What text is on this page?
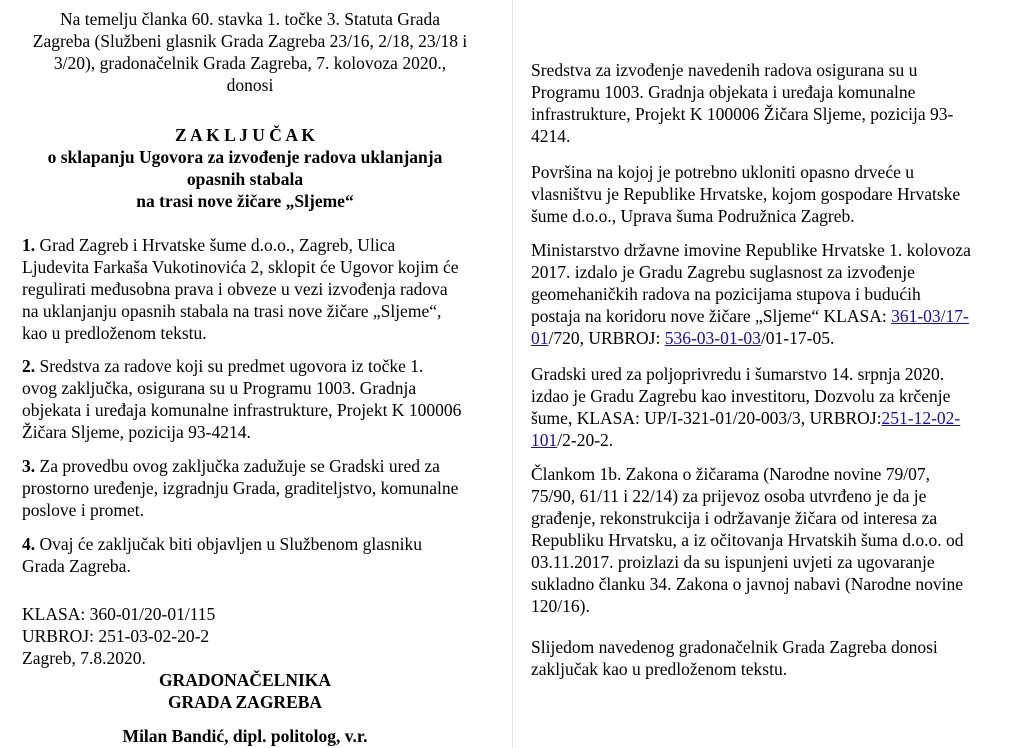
Na temelju članka 60. stavka 1. točke 3. Statuta Grada
Zagreba (Službeni glasnik Grada Zagreba 23/16, 2/18, 23/18 i
3/20), gradonačelnik Grada Zagreba, 7. kolovoza 2020.,
donosi
Z A K L J U Č A K
o sklapanju Ugovora za izvođenje radova uklanjanja
opasnih stabala
na trasi nove žičare „Sljeme“
1. Grad Zagreb i Hrvatske šume d.o.o., Zagreb, Ulica
Ljudevita Farkaša Vukotinovića 2, sklopit će Ugovor kojim će
regulirati međusobna prava i obveze u vezi izvođenja radova
na uklanjanju opasnih stabala na trasi nove žičare „Sljeme“,
kao u predloženom tekstu.
2. Sredstva za radove koji su predmet ugovora iz točke 1.
ovog zaključka, osigurana su u Programu 1003. Gradnja
objekata i uređaja komunalne infrastrukture, Projekt K 100006
Žičara Sljeme, pozicija 93-4214.
3. Za provedbu ovog zaključka zadužuje se Gradski ured za
prostorno uređenje, izgradnju Grada, graditeljstvo, komunalne
poslove i promet.
4. Ovaj će zaključak biti objavljen u Službenom glasniku
Grada Zagreba.
KLASA: 360-01/20-01/115
URBROJ: 251-03-02-20-2
Zagreb, 7.8.2020.
GRADONAČELNIKA
GRADA ZAGREBA
Milan Bandić, dipl. politolog, v.r.
Sredstva za izvođenje navedenih radova osigurana su u
Programu 1003. Gradnja objekata i uređaja komunalne
infrastrukture, Projekt K 100006 Žičara Sljeme, pozicija 93-
4214.
Površina na kojoj je potrebno ukloniti opasno drveće u
vlasništvu je Republike Hrvatske, kojom gospodare Hrvatske
šume d.o.o., Uprava šuma Podružnica Zagreb.
Ministarstvo državne imovine Republike Hrvatske 1. kolovoza
2017. izdalo je Gradu Zagrebu suglasnost za izvođenje
geomehaničkih radova na pozicijama stupova i budućih
postaja na koridoru nove žičare „Sljeme“ KLASA: 361-03/17-
01/720, URBROJ: 536-03-01-03/01-17-05.
Gradski ured za poljoprivredu i šumarstvo 14. srpnja 2020.
izdao je Gradu Zagrebu kao investitoru, Dozvolu za krčenje
šume, KLASA: UP/I-321-01/20-003/3, URBROJ:251-12-02-
101/2-20-2.
Člankom 1b. Zakona o žičarama (Narodne novine 79/07,
75/90, 61/11 i 22/14) za prijevoz osoba utvrđeno je da je
građenje, rekonstrukcija i održavanje žičara od interesa za
Republiku Hrvatsku, a iz očitovanja Hrvatskih šuma d.o.o. od
03.11.2017. proizlazi da su ispunjeni uvjeti za ugovaranje
sukladno članku 34. Zakona o javnoj nabavi (Narodne novine
120/16).
Slijedom navedenog gradonačelnik Grada Zagreba donosi
zaključak kao u predloženom tekstu.
